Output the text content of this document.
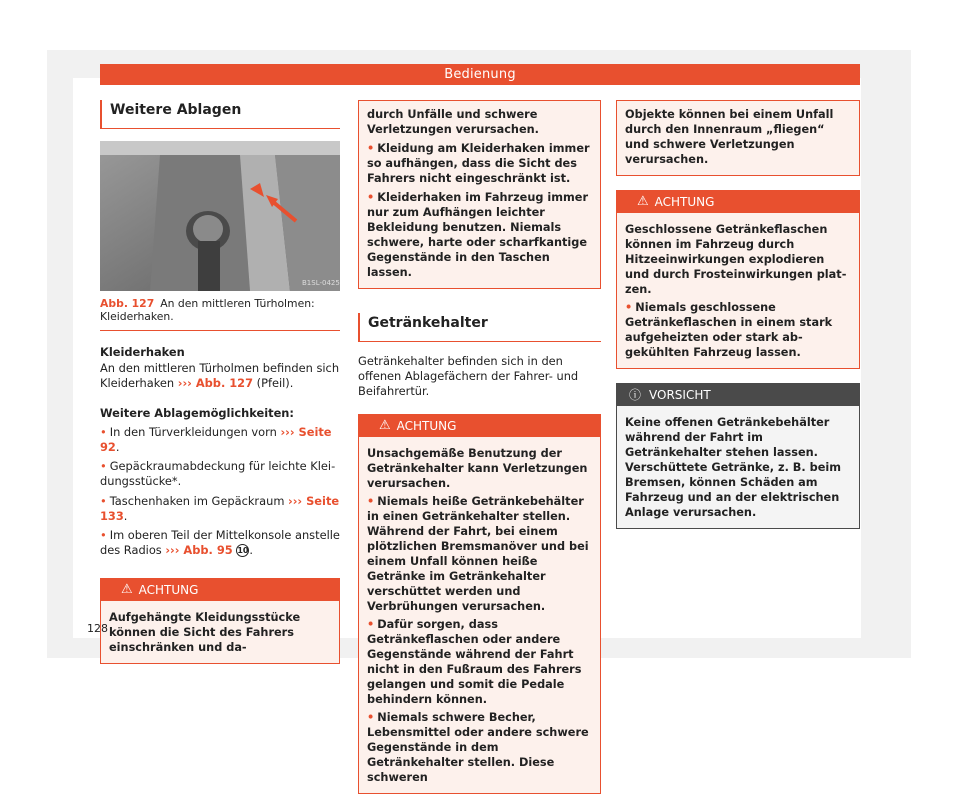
Bedienung
Weitere Ablagen
B1SL-0425
Abb. 127 An den mittleren Türholmen: Kleiderhaken.
Kleiderhaken
An den mittleren Türholmen befinden sich Kleiderhaken ››› Abb. 127 (Pfeil).
Weitere Ablagemöglichkeiten:
• In den Türverkleidungen vorn ››› Seite 92.
• Gepäckraumabdeckung für leichte Kleidungsstücke*.
• Taschenhaken im Gepäckraum ››› Seite 133.
• Im oberen Teil der Mittelkonsole anstelle des Radios ››› Abb. 95 10.
⚠ ACHTUNG
Aufgehängte Kleidungsstücke können die Sicht des Fahrers einschränken und da-
durch Unfälle und schwere Verletzungen verursachen.
• Kleidung am Kleiderhaken immer so aufhängen, dass die Sicht des Fahrers nicht eingeschränkt ist.
• Kleiderhaken im Fahrzeug immer nur zum Aufhängen leichter Bekleidung benutzen. Niemals schwere, harte oder scharfkantige Gegenstände in den Taschen lassen.
Getränkehalter
Getränkehalter befinden sich in den offenen Ablagefächern der Fahrer- und Beifahrertür.
⚠ ACHTUNG
Unsachgemäße Benutzung der Getränkehalter kann Verletzungen verursachen.
• Niemals heiße Getränkebehälter in einen Getränkehalter stellen. Während der Fahrt, bei einem plötzlichen Bremsmanöver und bei einem Unfall können heiße Getränke im Getränkehalter verschüttet werden und Verbrühungen verursachen.
• Dafür sorgen, dass Getränkeflaschen oder andere Gegenstände während der Fahrt nicht in den Fußraum des Fahrers gelangen und somit die Pedale behindern können.
• Niemals schwere Becher, Lebensmittel oder andere schwere Gegenstände in dem Getränkehalter stellen. Diese schweren
Objekte können bei einem Unfall durch den Innenraum „fliegen“ und schwere Verletzungen verursachen.
⚠ ACHTUNG
Geschlossene Getränkeflaschen können im Fahrzeug durch Hitzeeinwirkungen explodieren und durch Frosteinwirkungen platzen.
• Niemals geschlossene Getränkeflaschen in einem stark aufgeheizten oder stark abgekühlten Fahrzeug lassen.
ⓘ VORSICHT
Keine offenen Getränkebehälter während der Fahrt im Getränkehalter stehen lassen. Verschüttete Getränke, z. B. beim Bremsen, können Schäden am Fahrzeug und an der elektrischen Anlage verursachen.
128
